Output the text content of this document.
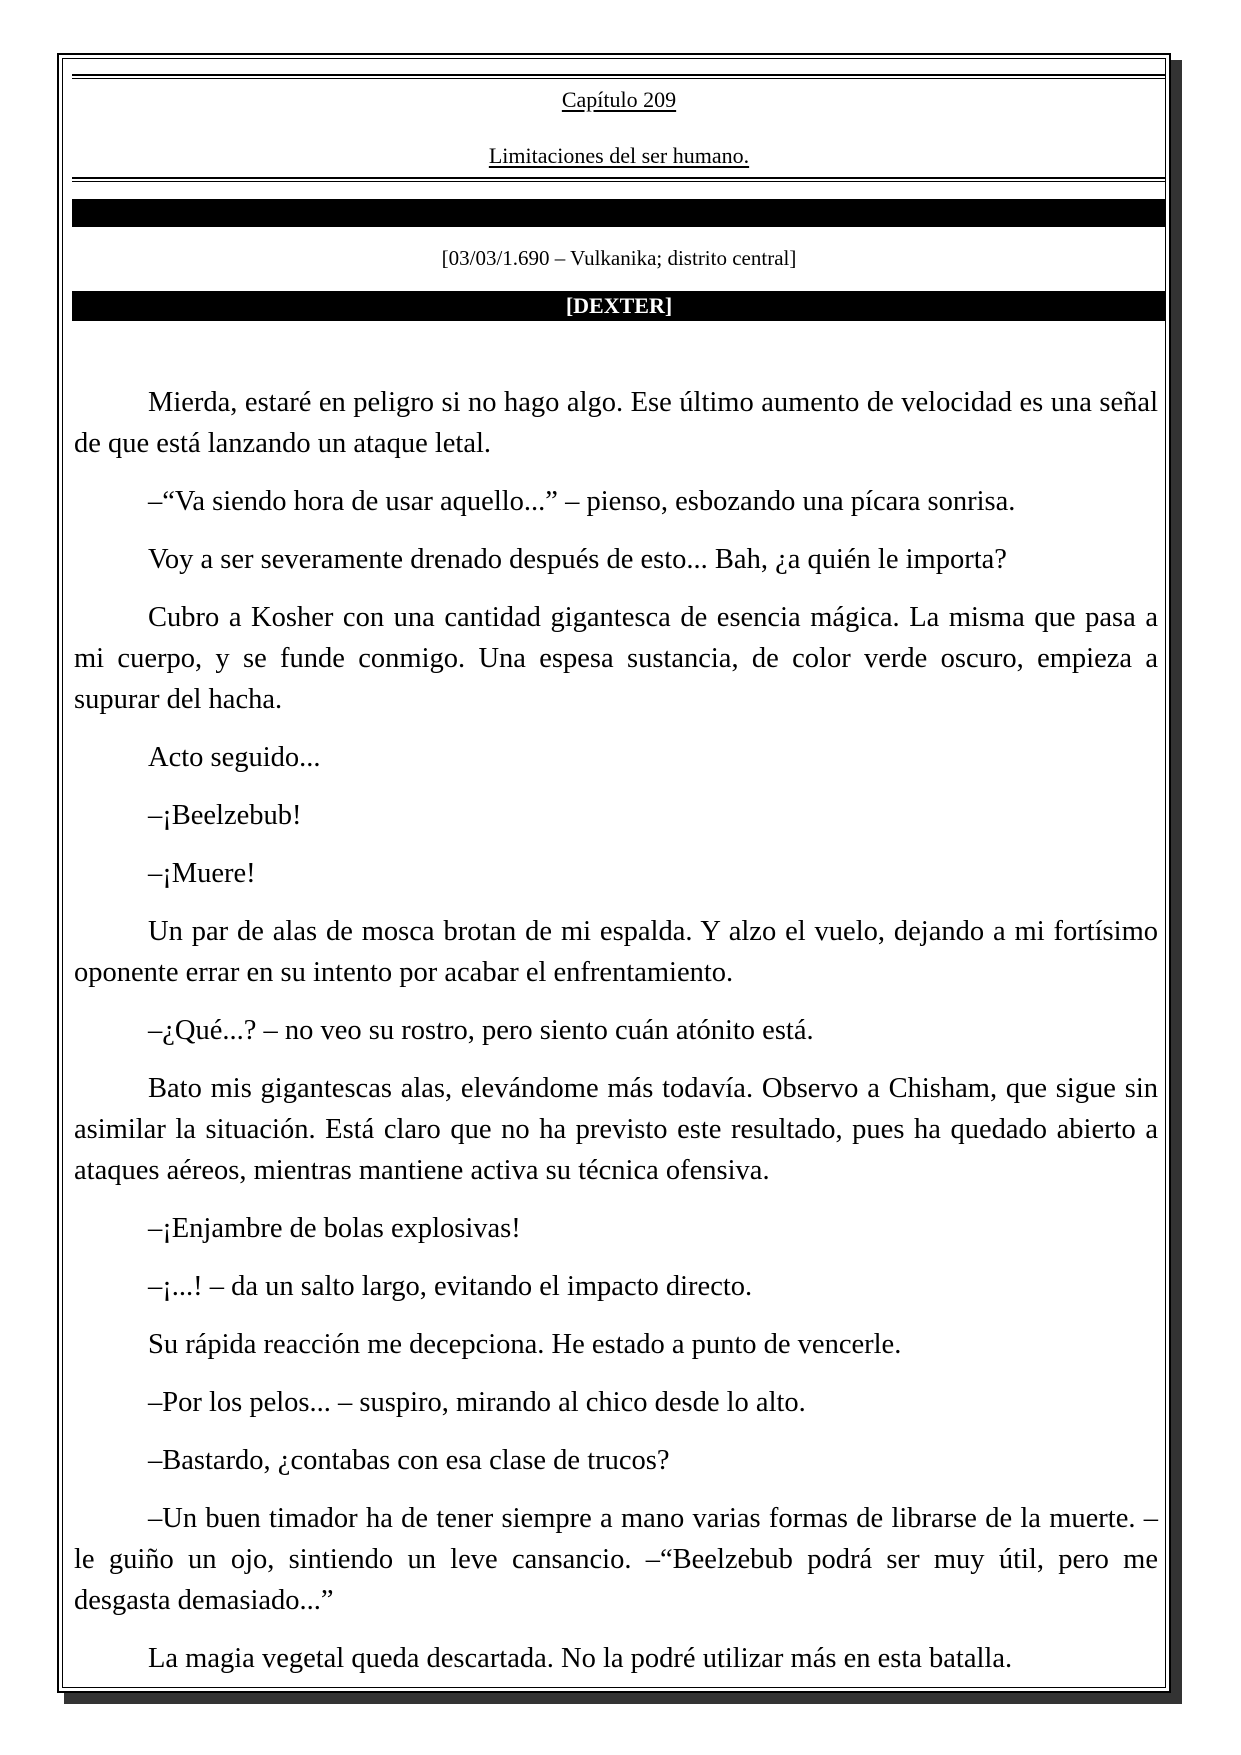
Capítulo 209
Limitaciones del ser humano.
[03/03/1.690 – Vulkanika; distrito central]
[DEXTER]

Mierda, estaré en peligro si no hago algo. Ese último aumento de velocidad es una señal de que está lanzando un ataque letal.

–“Va siendo hora de usar aquello...” – pienso, esbozando una pícara sonrisa.

Voy a ser severamente drenado después de esto... Bah, ¿a quién le importa?

Cubro a Kosher con una cantidad gigantesca de esencia mágica. La misma que pasa a mi cuerpo, y se funde conmigo. Una espesa sustancia, de color verde oscuro, empieza a supurar del hacha.

Acto seguido...

–¡Beelzebub!

–¡Muere!

Un par de alas de mosca brotan de mi espalda. Y alzo el vuelo, dejando a mi fortísimo oponente errar en su intento por acabar el enfrentamiento.

–¿Qué...? – no veo su rostro, pero siento cuán atónito está.

Bato mis gigantescas alas, elevándome más todavía. Observo a Chisham, que sigue sin asimilar la situación. Está claro que no ha previsto este resultado, pues ha quedado abierto a ataques aéreos, mientras mantiene activa su técnica ofensiva.

–¡Enjambre de bolas explosivas!

–¡...! – da un salto largo, evitando el impacto directo.

Su rápida reacción me decepciona. He estado a punto de vencerle.

–Por los pelos... – suspiro, mirando al chico desde lo alto.

–Bastardo, ¿contabas con esa clase de trucos?

–Un buen timador ha de tener siempre a mano varias formas de librarse de la muerte. – le guiño un ojo, sintiendo un leve cansancio. –“Beelzebub podrá ser muy útil, pero me desgasta demasiado...”

La magia vegetal queda descartada. No la podré utilizar más en esta batalla.
